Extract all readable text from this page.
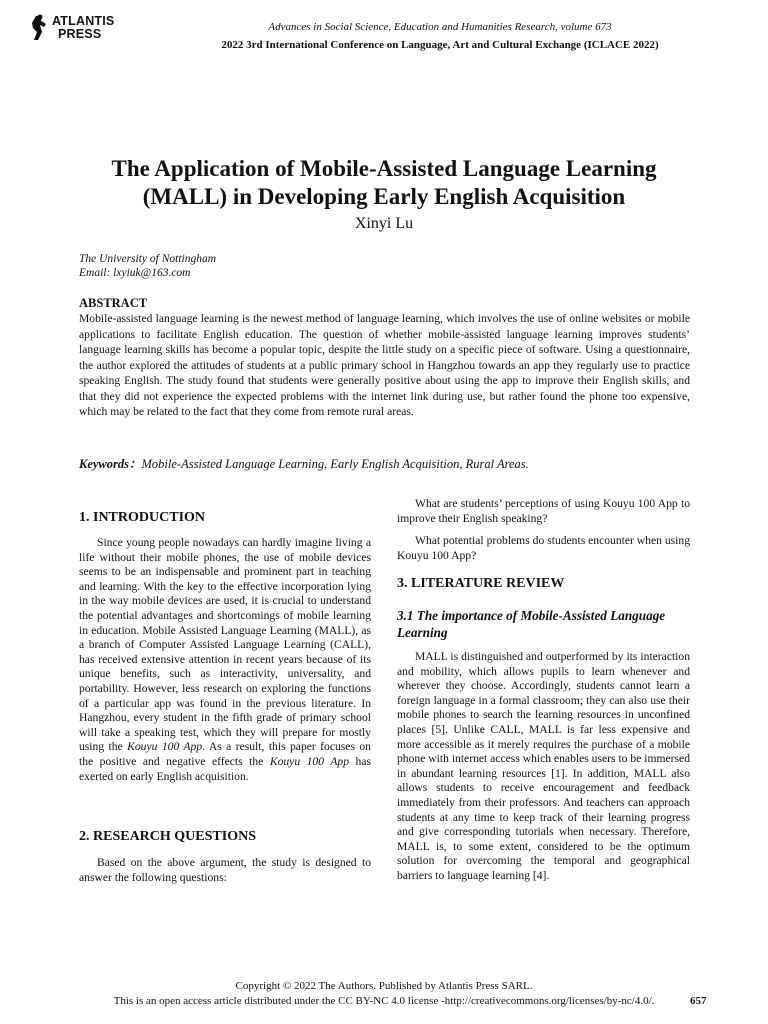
ATLANTIS
PRESS	Advances in Social Science, Education and Humanities Research, volume 673
2022 3rd International Conference on Language, Art and Cultural Exchange (ICLACE 2022)
The Application of Mobile-Assisted Language Learning
(MALL) in Developing Early English Acquisition
Xinyi Lu
The University of Nottingham
Email: lxyiuk@163.com
ABSTRACT
Mobile-assisted language learning is the newest method of language learning, which involves the use of online websites or mobile applications to facilitate English education. The question of whether mobile-assisted language learning improves students’ language learning skills has become a popular topic, despite the little study on a specific piece of software. Using a questionnaire, the author explored the attitudes of students at a public primary school in Hangzhou towards an app they regularly use to practice speaking English. The study found that students were generally positive about using the app to improve their English skills, and that they did not experience the expected problems with the internet link during use, but rather found the phone too expensive, which may be related to the fact that they come from remote rural areas.
Keywords：Mobile-Assisted Language Learning, Early English Acquisition, Rural Areas.
1. INTRODUCTION

Since young people nowadays can hardly imagine living a life without their mobile phones, the use of mobile devices seems to be an indispensable and prominent part in teaching and learning. With the key to the effective incorporation lying in the way mobile devices are used, it is crucial to understand the potential advantages and shortcomings of mobile learning in education. Mobile Assisted Language Learning (MALL), as a branch of Computer Assisted Language Learning (CALL), has received extensive attention in recent years because of its unique benefits, such as interactivity, universality, and portability. However, less research on exploring the functions of a particular app was found in the previous literature. In Hangzhou, every student in the fifth grade of primary school will take a speaking test, which they will prepare for mostly using the Kouyu 100 App. As a result, this paper focuses on the positive and negative effects the Kouyu 100 App has exerted on early English acquisition.

2. RESEARCH QUESTIONS

Based on the above argument, the study is designed to answer the following questions:

What are students’ perceptions of using Kouyu 100 App to improve their English speaking?

What potential problems do students encounter when using Kouyu 100 App?

3. LITERATURE REVIEW
3.1 The importance of Mobile-Assisted Language Learning

MALL is distinguished and outperformed by its interaction and mobility, which allows pupils to learn whenever and wherever they choose. Accordingly, students cannot learn a foreign language in a formal classroom; they can also use their mobile phones to search the learning resources in unconfined places [5]. Unlike CALL, MALL is far less expensive and more accessible as it merely requires the purchase of a mobile phone with internet access which enables users to be immersed in abundant learning resources [1]. In addition, MALL also allows students to receive encouragement and feedback immediately from their professors. And teachers can approach students at any time to keep track of their learning progress and give corresponding tutorials when necessary. Therefore, MALL is, to some extent, considered to be the optimum solution for overcoming the temporal and geographical barriers to language learning [4].

Copyright © 2022 The Authors. Published by Atlantis Press SARL.
This is an open access article distributed under the CC BY-NC 4.0 license -http://creativecommons.org/licenses/by-nc/4.0/.	657
